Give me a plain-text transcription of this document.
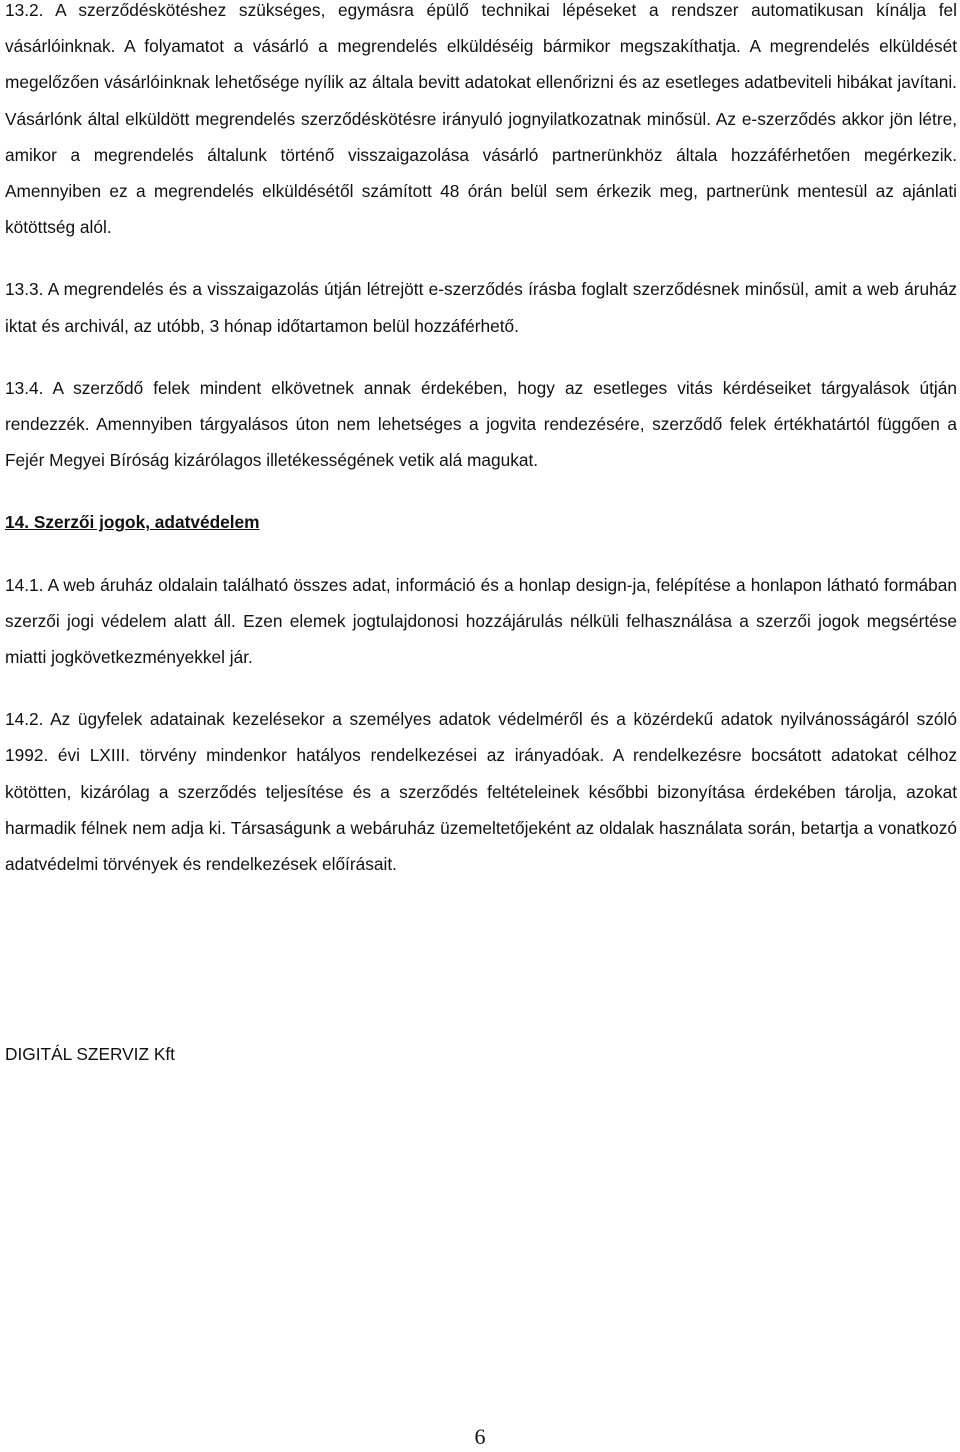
13.2. A szerződéskötéshez szükséges, egymásra épülő technikai lépéseket a rendszer automatikusan kínálja fel vásárlóinknak. A folyamatot a vásárló a megrendelés elküldéséig bármikor megszakíthatja. A megrendelés elküldését megelőzően vásárlóinknak lehetősége nyílik az általa bevitt adatokat ellenőrizni és az esetleges adatbeviteli hibákat javítani. Vásárlónk által elküldött megrendelés szerződéskötésre irányuló jognyilatkozatnak minősül. Az e-szerződés akkor jön létre, amikor a megrendelés általunk történő visszaigazolása vásárló partnerünkhöz általa hozzáférhetően megérkezik. Amennyiben ez a megrendelés elküldésétől számított 48 órán belül sem érkezik meg, partnerünk mentesül az ajánlati kötöttség alól.

13.3. A megrendelés és a visszaigazolás útján létrejött e-szerződés írásba foglalt szerződésnek minősül, amit a web áruház iktat és archivál, az utóbb, 3 hónap időtartamon belül hozzáférhető.

13.4. A szerződő felek mindent elkövetnek annak érdekében, hogy az esetleges vitás kérdéseiket tárgyalások útján rendezzék. Amennyiben tárgyalásos úton nem lehetséges a jogvita rendezésére, szerződő felek értékhatártól függően a Fejér Megyei Bíróság kizárólagos illetékességének vetik alá magukat.

14. Szerzői jogok, adatvédelem

14.1. A web áruház oldalain található összes adat, információ és a honlap design-ja, felépítése a honlapon látható formában szerzői jogi védelem alatt áll. Ezen elemek jogtulajdonosi hozzájárulás nélküli felhasználása a szerzői jogok megsértése miatti jogkövetkezményekkel jár.

14.2. Az ügyfelek adatainak kezelésekor a személyes adatok védelméről és a közérdekű adatok nyilvánosságáról szóló 1992. évi LXIII. törvény mindenkor hatályos rendelkezései az irányadóak. A rendelkezésre bocsátott adatokat célhoz kötötten, kizárólag a szerződés teljesítése és a szerződés feltételeinek későbbi bizonyítása érdekében tárolja, azokat harmadik félnek nem adja ki. Társaságunk a webáruház üzemeltetőjeként az oldalak használata során, betartja a vonatkozó adatvédelmi törvények és rendelkezések előírásait.

DIGITÁL SZERVIZ Kft

6
